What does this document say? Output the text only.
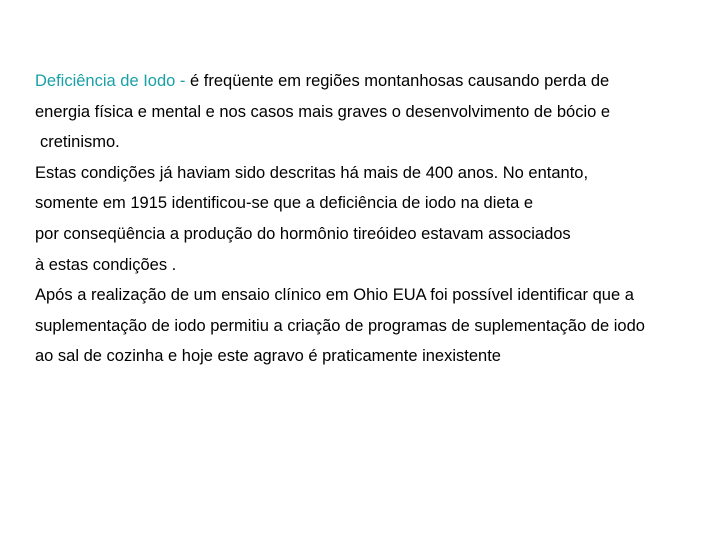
Deficiência de Iodo - é freqüente em regiões montanhosas causando perda de
energia física e mental e nos casos mais graves o desenvolvimento de bócio e
cretinismo.
Estas condições já haviam sido descritas há mais de 400 anos. No entanto,
somente em 1915 identificou-se que a deficiência de iodo na dieta e
por conseqüência a produção do hormônio tireóideo estavam associados
à estas condições .
Após a realização de um ensaio clínico em Ohio EUA foi possível identificar que a
suplementação de iodo permitiu a criação de programas de suplementação de iodo
ao sal de cozinha e hoje este agravo é praticamente inexistente
